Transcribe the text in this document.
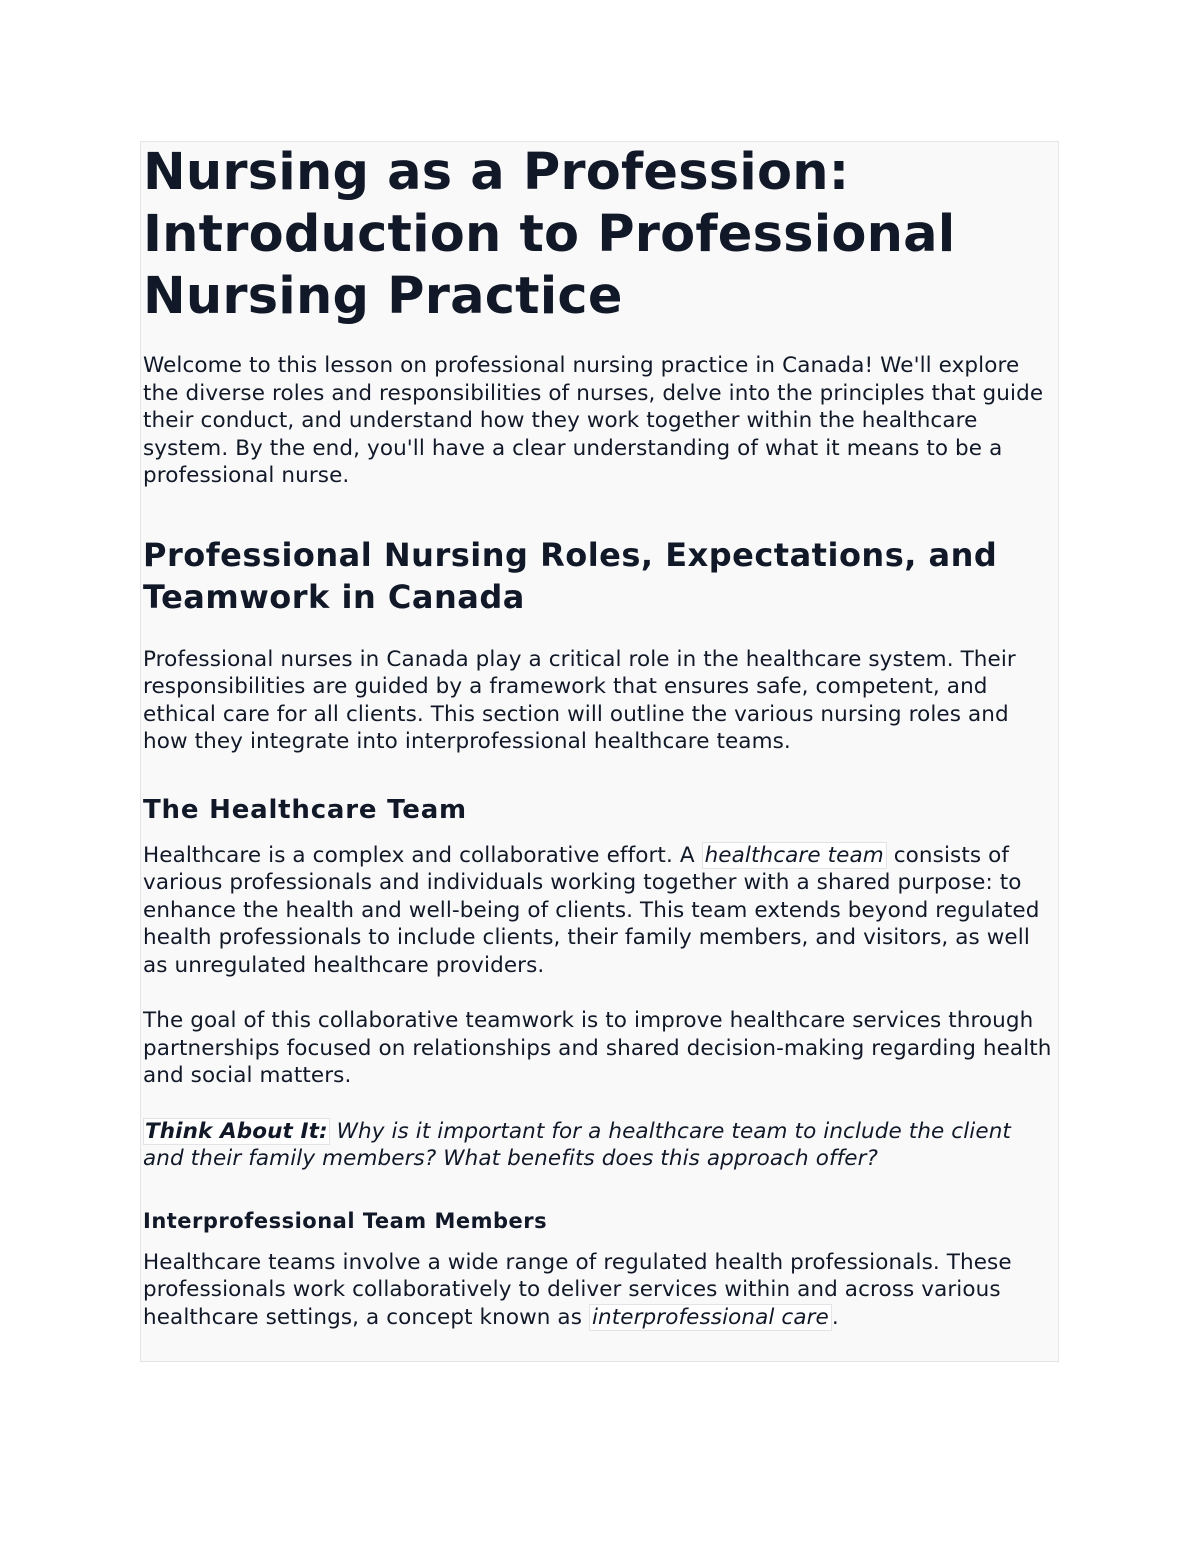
Nursing as a Profession: Introduction to Professional Nursing Practice

Welcome to this lesson on professional nursing practice in Canada! We'll explore the diverse roles and responsibilities of nurses, delve into the principles that guide their conduct, and understand how they work together within the healthcare system. By the end, you'll have a clear understanding of what it means to be a professional nurse.

Professional Nursing Roles, Expectations, and Teamwork in Canada

Professional nurses in Canada play a critical role in the healthcare system. Their responsibilities are guided by a framework that ensures safe, competent, and ethical care for all clients. This section will outline the various nursing roles and how they integrate into interprofessional healthcare teams.

The Healthcare Team

Healthcare is a complex and collaborative effort. A healthcare team consists of various professionals and individuals working together with a shared purpose: to enhance the health and well-being of clients. This team extends beyond regulated health professionals to include clients, their family members, and visitors, as well as unregulated healthcare providers.

The goal of this collaborative teamwork is to improve healthcare services through partnerships focused on relationships and shared decision-making regarding health and social matters.

Think About It: Why is it important for a healthcare team to include the client and their family members? What benefits does this approach offer?

Interprofessional Team Members

Healthcare teams involve a wide range of regulated health professionals. These professionals work collaboratively to deliver services within and across various healthcare settings, a concept known as interprofessional care .
